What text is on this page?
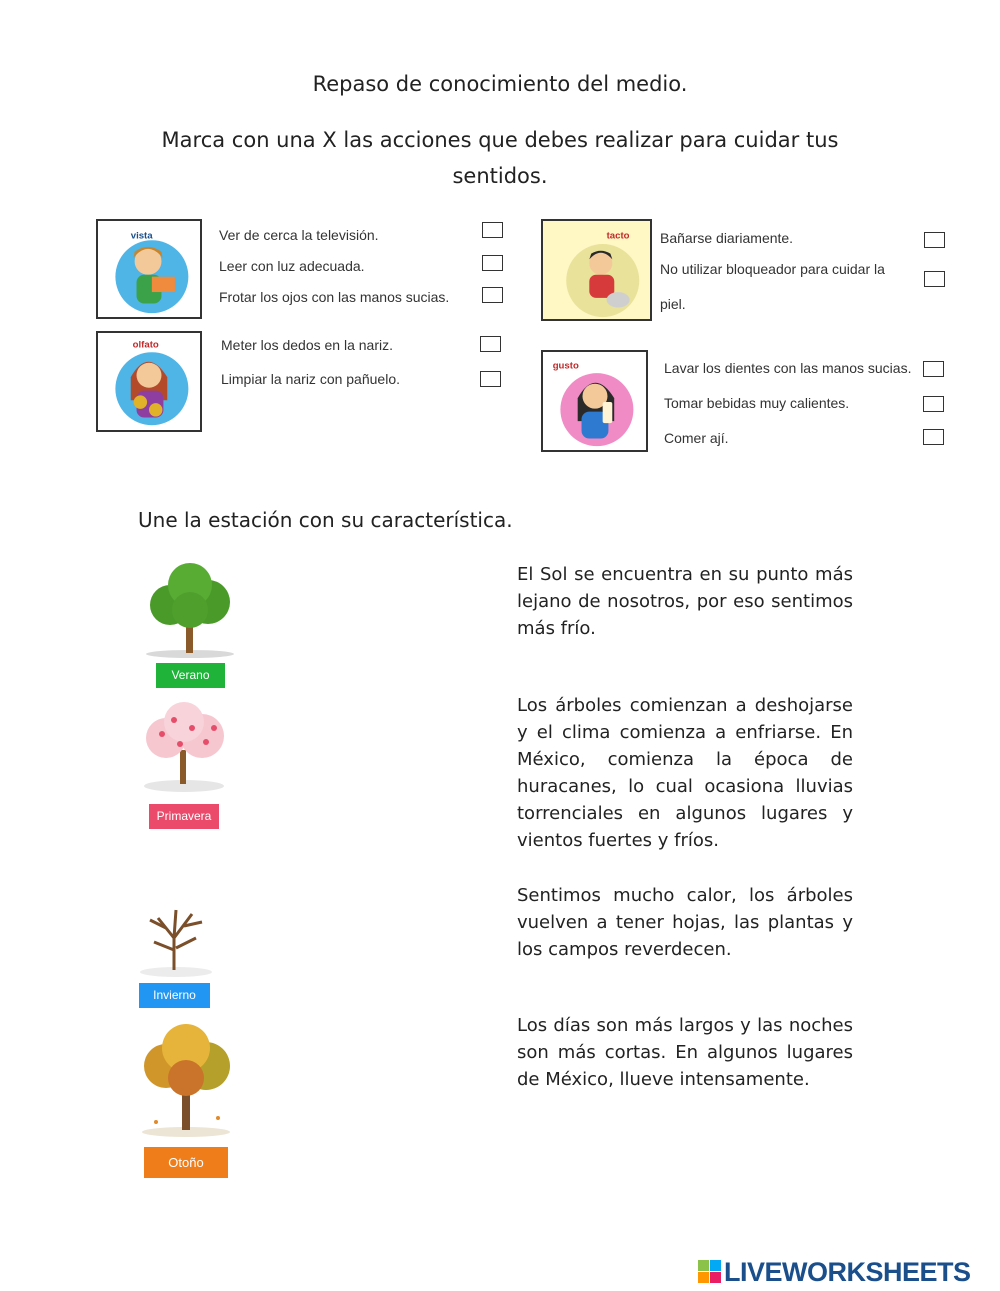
Repaso de conocimiento del medio.
Marca con una X las acciones que debes realizar para cuidar tus sentidos.
vista	Ver de cerca la televisión.
Leer con luz adecuada.
Frotar los ojos con las manos sucias.
olfato	Meter los dedos en la nariz.
Limpiar la nariz con pañuelo.
tacto Bañarse diariamente.
No utilizar bloqueador para cuidar la
piel.
gusto	Lavar los dientes con las manos sucias.
Tomar bebidas muy calientes.
Comer ají.
Une la estación con su característica.
Verano
Primavera
Invierno
Otoño
El Sol se encuentra en su punto más lejano de nosotros, por eso sentimos más frío.
Los árboles comienzan a deshojarse y el clima comienza a enfriarse. En México, comienza la época de huracanes, lo cual ocasiona lluvias torrenciales en algunos lugares y vientos fuertes y fríos.
Sentimos mucho calor, los árboles vuelven a tener hojas, las plantas y los campos reverdecen.
Los días son más largos y las noches son más cortas. En algunos lugares de México, llueve intensamente.
LIVEWORKSHEETS
